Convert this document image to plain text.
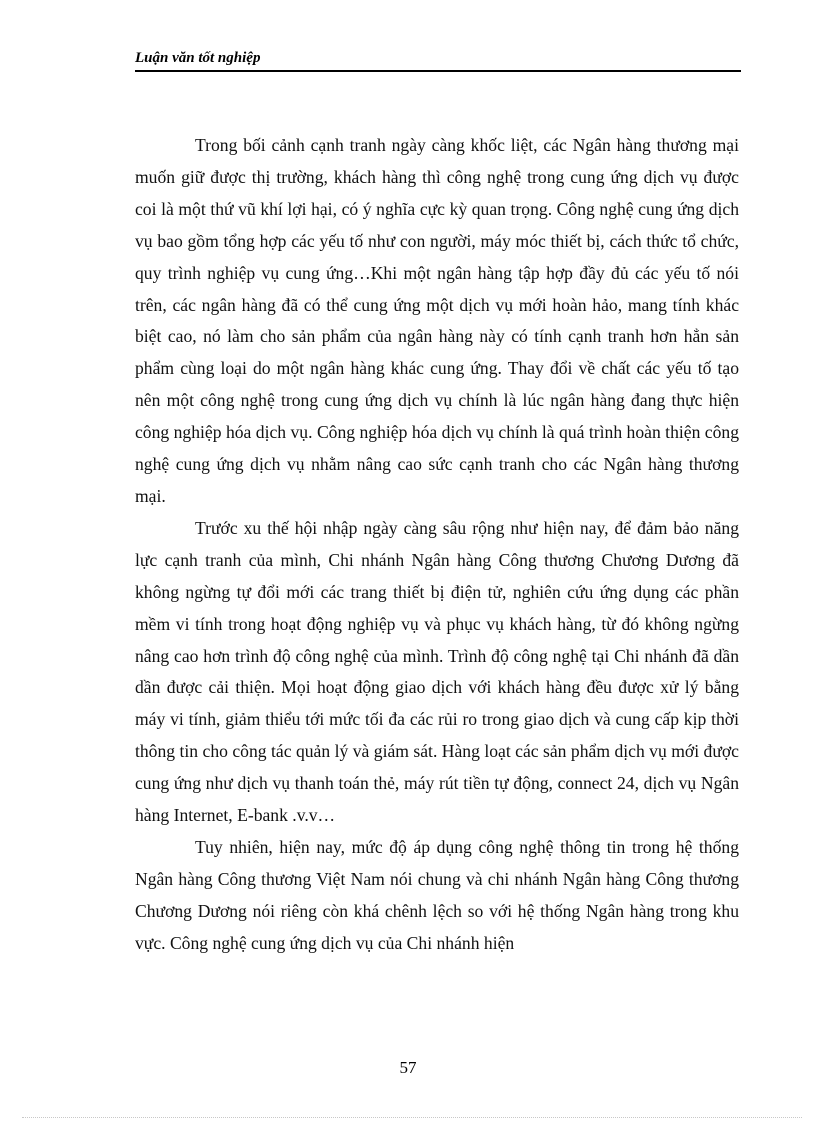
Luận văn tốt nghiệp

Trong bối cảnh cạnh tranh ngày càng khốc liệt, các Ngân hàng thương mại muốn giữ được thị trường, khách hàng thì công nghệ trong cung ứng dịch vụ được coi là một thứ vũ khí lợi hại, có ý nghĩa cực kỳ quan trọng. Công nghệ cung ứng dịch vụ bao gồm tổng hợp các yếu tố như con người, máy móc thiết bị, cách thức tổ chức, quy trình nghiệp vụ cung ứng…Khi một ngân hàng tập hợp đầy đủ các yếu tố nói trên, các ngân hàng đã có thể cung ứng một dịch vụ mới hoàn hảo, mang tính khác biệt cao, nó làm cho sản phẩm của ngân hàng này có tính cạnh tranh hơn hẳn sản phẩm cùng loại do một ngân hàng khác cung ứng. Thay đổi về chất các yếu tố tạo nên một công nghệ trong cung ứng dịch vụ chính là lúc ngân hàng đang thực hiện công nghiệp hóa dịch vụ. Công nghiệp hóa dịch vụ chính là quá trình hoàn thiện công nghệ cung ứng dịch vụ nhằm nâng cao sức cạnh tranh cho các Ngân hàng thương mại.

Trước xu thế hội nhập ngày càng sâu rộng như hiện nay, để đảm bảo năng lực cạnh tranh của mình, Chi nhánh Ngân hàng Công thương Chương Dương đã không ngừng tự đổi mới các trang thiết bị điện tử, nghiên cứu ứng dụng các phần mềm vi tính trong hoạt động nghiệp vụ và phục vụ khách hàng, từ đó không ngừng nâng cao hơn trình độ công nghệ của mình. Trình độ công nghệ tại Chi nhánh đã dần dần được cải thiện. Mọi hoạt động giao dịch với khách hàng đều được xử lý bằng máy vi tính, giảm thiểu tới mức tối đa các rủi ro trong giao dịch và cung cấp kịp thời thông tin cho công tác quản lý và giám sát. Hàng loạt các sản phẩm dịch vụ mới được cung ứng như dịch vụ thanh toán thẻ, máy rút tiền tự động, connect 24, dịch vụ Ngân hàng Internet, E-bank .v.v…

Tuy nhiên, hiện nay, mức độ áp dụng công nghệ thông tin trong hệ thống Ngân hàng Công thương Việt Nam nói chung và chi nhánh Ngân hàng Công thương Chương Dương nói riêng còn khá chênh lệch so với hệ thống Ngân hàng trong khu vực. Công nghệ cung ứng dịch vụ của Chi nhánh hiện

57
